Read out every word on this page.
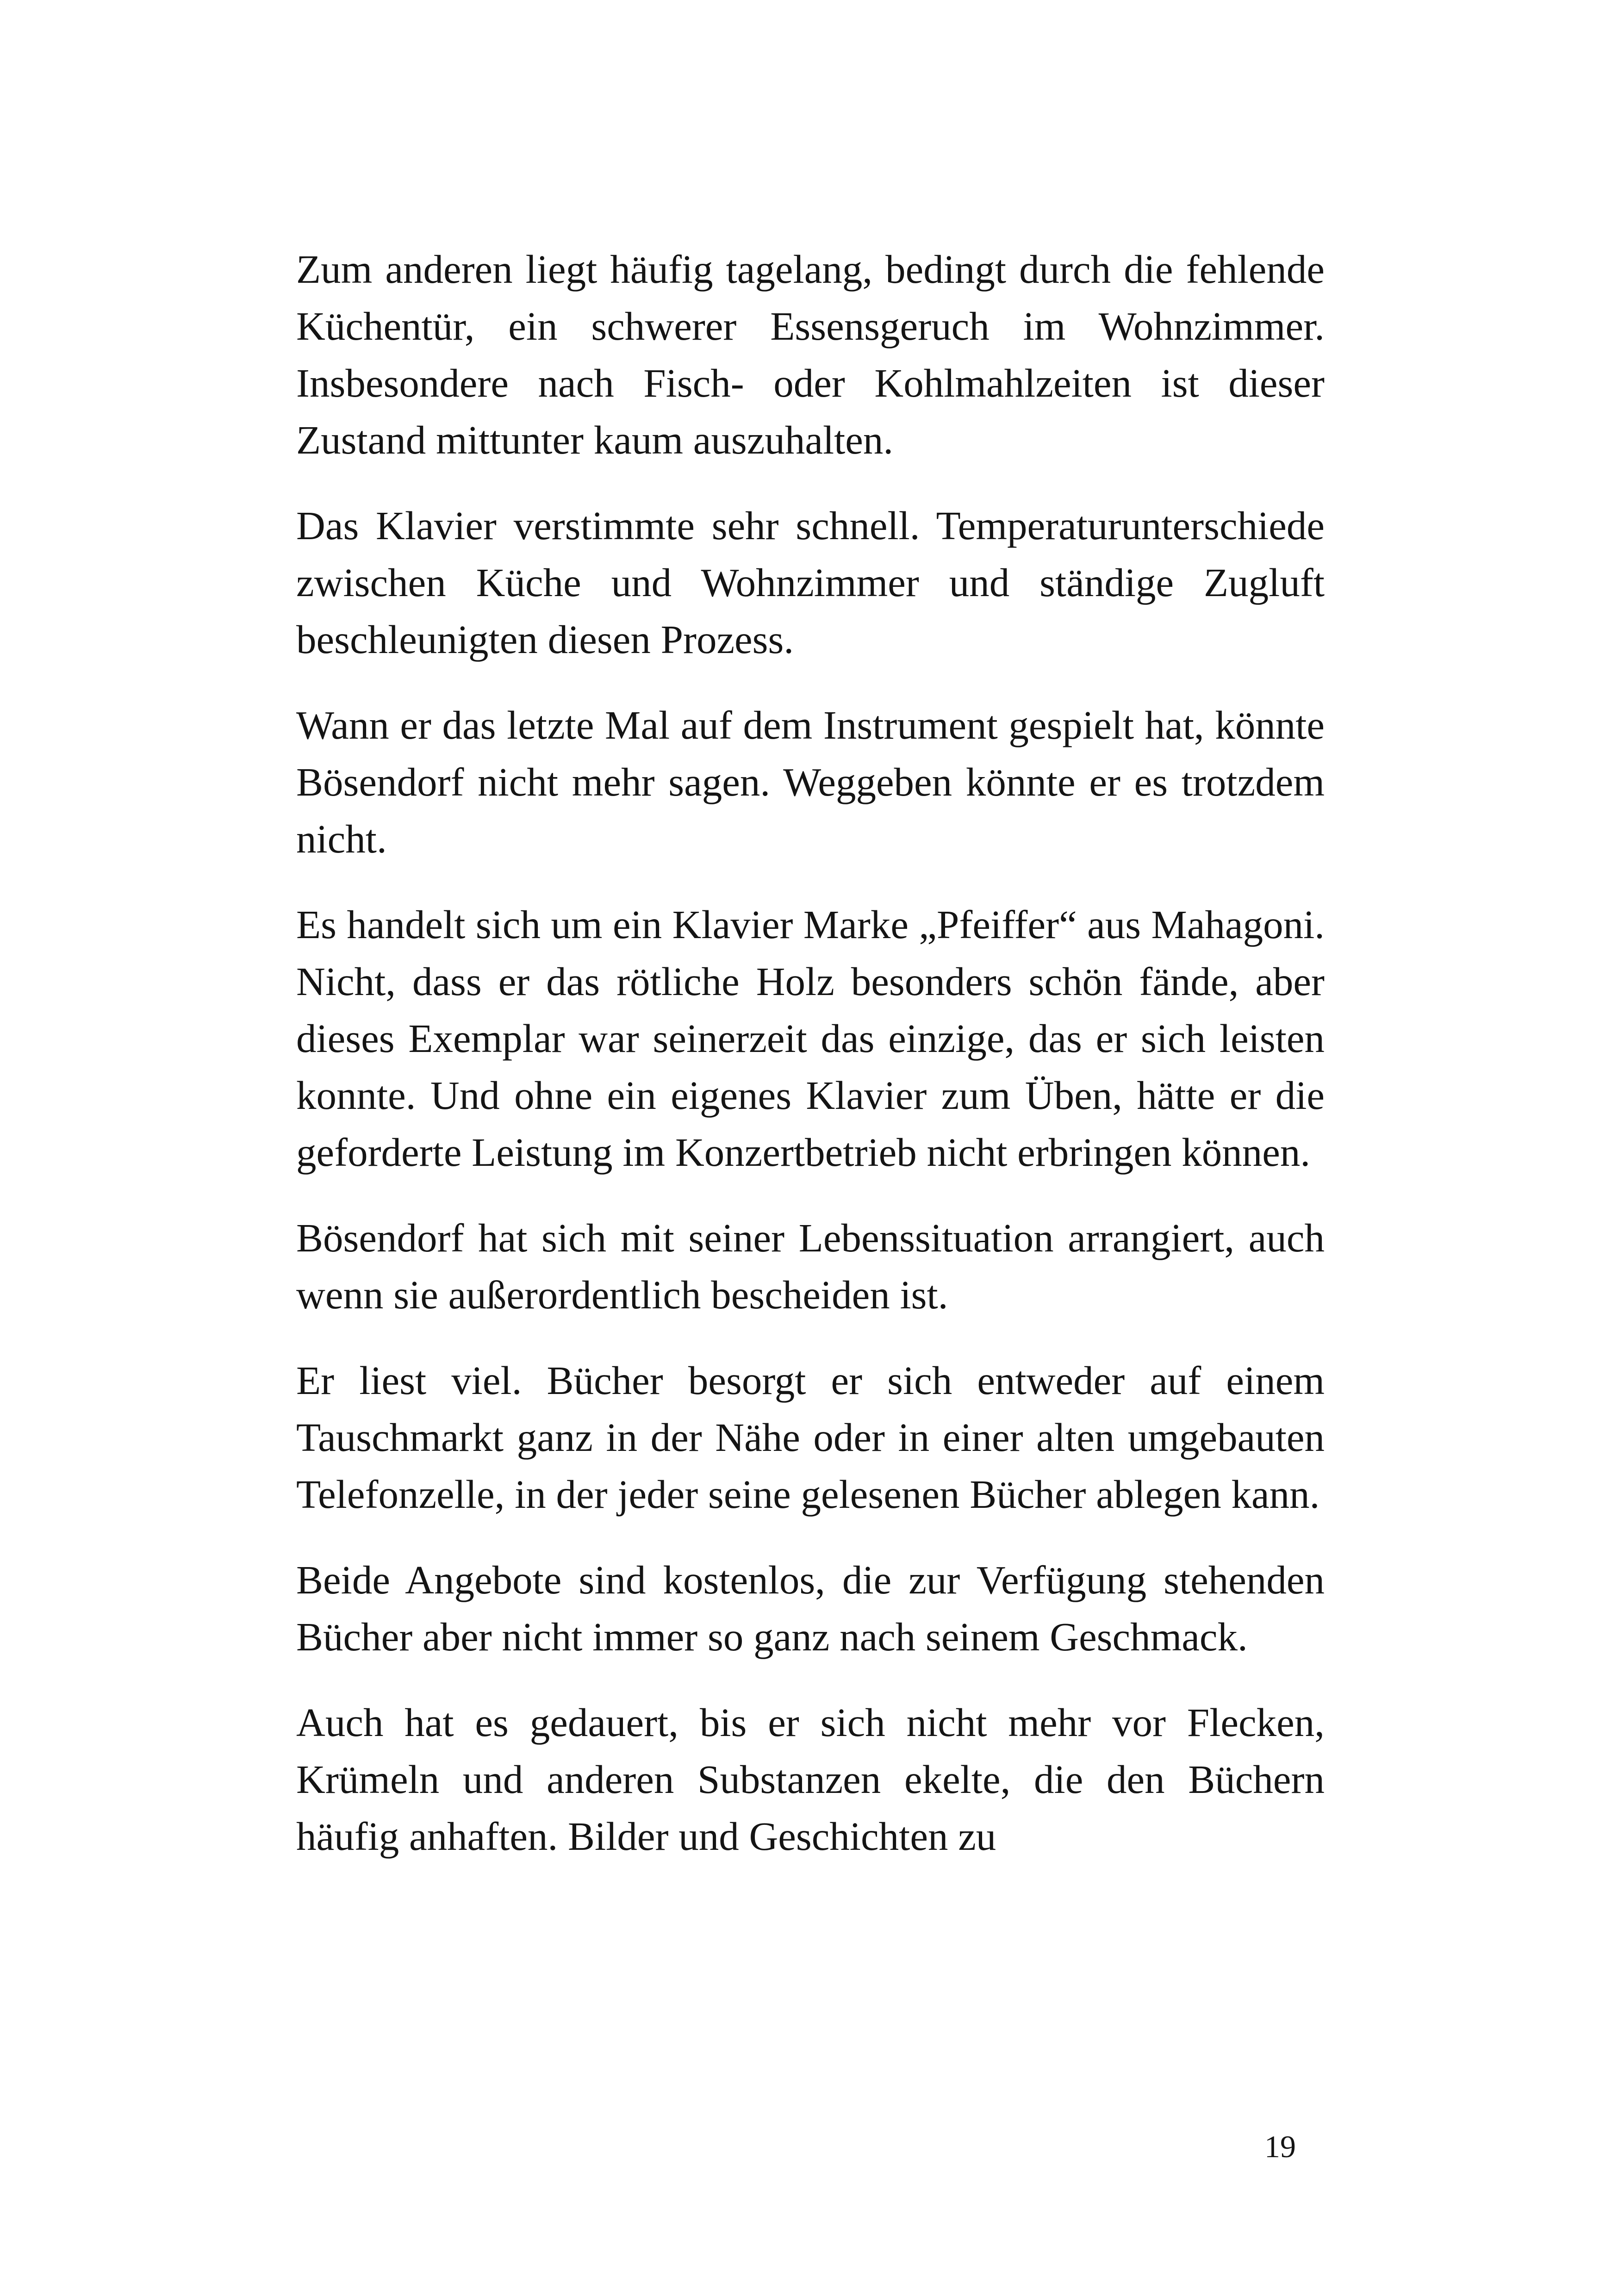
Zum anderen liegt häufig tagelang, bedingt durch die fehlende Küchentür, ein schwerer Essensgeruch im Wohnzimmer. Insbesondere nach Fisch- oder Kohlmahlzeiten ist dieser Zustand mittunter kaum auszuhalten.

Das Klavier verstimmte sehr schnell. Temperaturunterschiede zwischen Küche und Wohnzimmer und ständige Zugluft beschleunigten diesen Prozess.

Wann er das letzte Mal auf dem Instrument gespielt hat, könnte Bösendorf nicht mehr sagen. Weggeben könnte er es trotzdem nicht.

Es handelt sich um ein Klavier Marke „Pfeiffer“ aus Mahagoni. Nicht, dass er das rötliche Holz besonders schön fände, aber dieses Exemplar war seinerzeit das einzige, das er sich leisten konnte. Und ohne ein eigenes Klavier zum Üben, hätte er die geforderte Leistung im Konzertbetrieb nicht erbringen können.

Bösendorf hat sich mit seiner Lebenssituation arrangiert, auch wenn sie außerordentlich bescheiden ist.

Er liest viel. Bücher besorgt er sich entweder auf einem Tauschmarkt ganz in der Nähe oder in einer alten umgebauten Telefonzelle, in der jeder seine gelesenen Bücher ablegen kann.

Beide Angebote sind kostenlos, die zur Verfügung stehenden Bücher aber nicht immer so ganz nach seinem Geschmack.

Auch hat es gedauert, bis er sich nicht mehr vor Flecken, Krümeln und anderen Substanzen ekelte, die den Büchern häufig anhaften. Bilder und Geschichten zu

19
